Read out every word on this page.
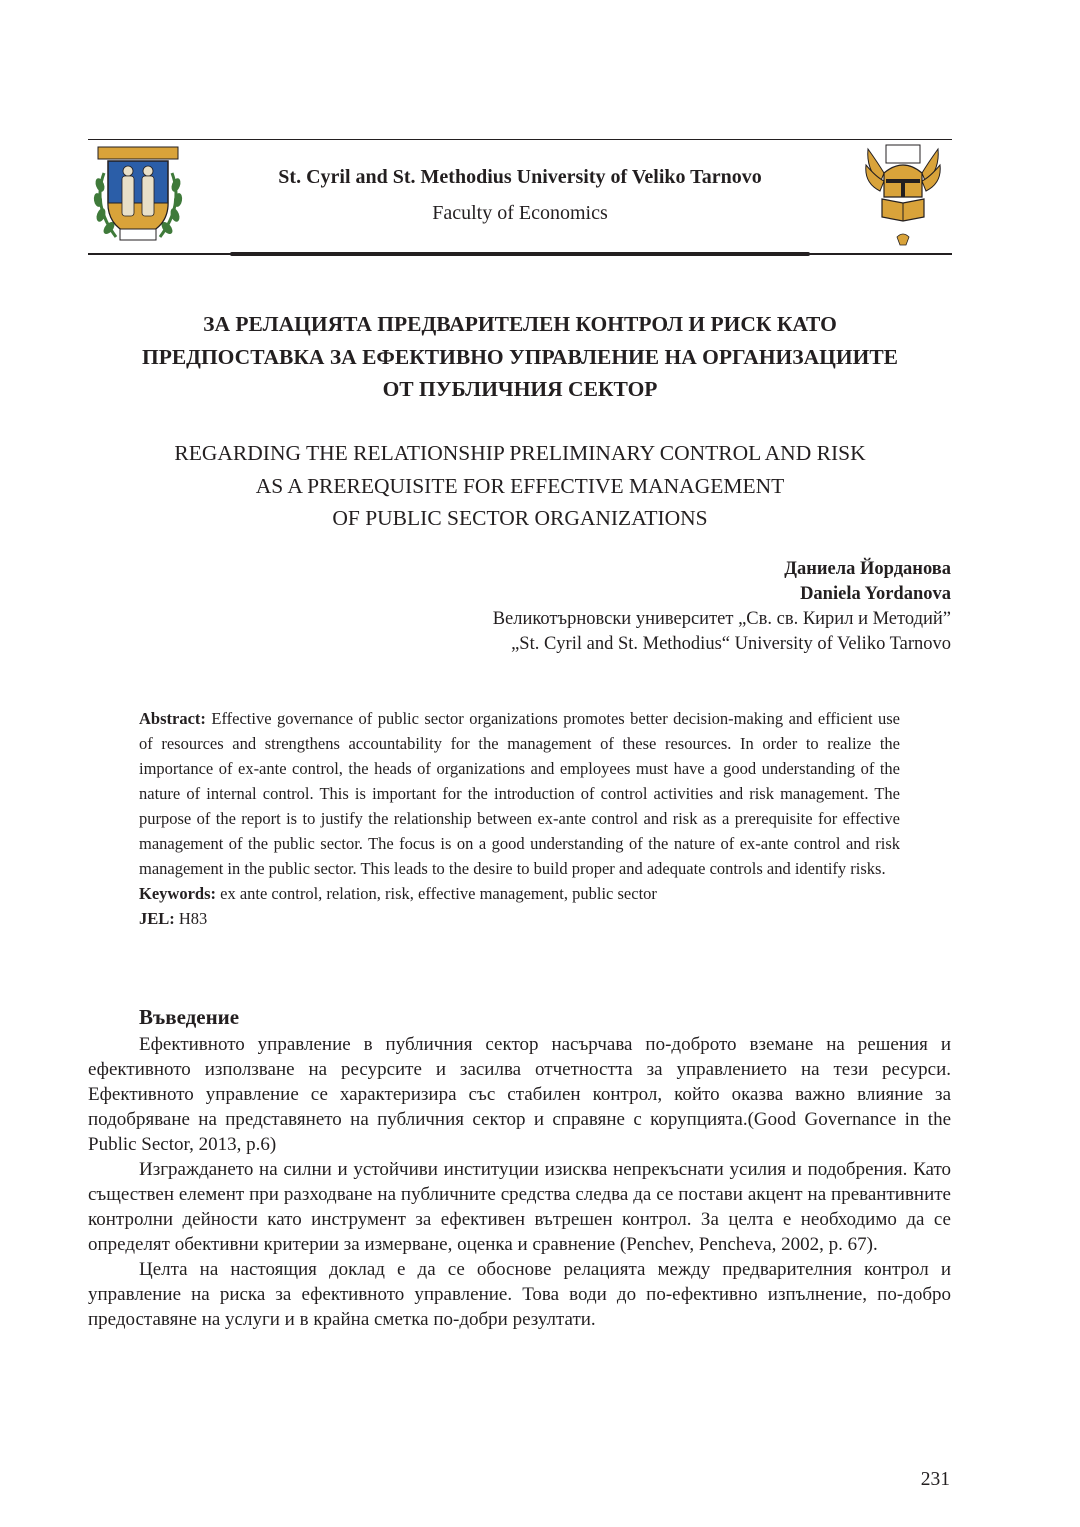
St. Cyril and St. Methodius University of Veliko Tarnovo
Faculty of Economics
ЗА РЕЛАЦИЯТА ПРЕДВАРИТЕЛЕН КОНТРОЛ И РИСК КАТО
ПРЕДПОСТАВКА ЗА ЕФЕКТИВНО УПРАВЛЕНИЕ НА ОРГАНИЗАЦИИТЕ
ОТ ПУБЛИЧНИЯ СЕКТОР
REGARDING THE RELATIONSHIP PRELIMINARY CONTROL AND RISK
AS A PREREQUISITE FOR EFFECTIVE MANAGEMENT
OF PUBLIC SECTOR ORGANIZATIONS
Даниела Йорданова
Daniela Yordanova
Великотърновски университет „Св. св. Кирил и Методий”
„St. Cyril and St. Methodius“ University of Veliko Tarnovo

Abstract: Effective governance of public sector organizations promotes better decision-making and efficient use of resources and strengthens accountability for the management of these resources. In order to realize the importance of ex-ante control, the heads of organizations and employees must have a good understanding of the nature of internal control. This is important for the introduction of control activities and risk management. The purpose of the report is to justify the relationship between ex-ante control and risk as a prerequisite for effective management of the public sector. The focus is on a good understanding of the nature of ex-ante control and risk management in the public sector. This leads to the desire to build proper and adequate controls and identify risks.

Keywords: ex ante control, relation, risk, effective management, public sector

JEL: H83

Въведение

Ефективното управление в публичния сектор насърчава по-доброто вземане на решения и ефективното използване на ресурсите и засилва отчетността за управлението на тези ресурси. Ефективното управление се характеризира със стабилен контрол, който оказва важно влияние за подобряване на представянето на публичния сектор и справяне с корупцията.(Good Governance in the Public Sector, 2013, p.6)

Изграждането на силни и устойчиви институции изисква непрекъснати усилия и подобрения. Като съществен елемент при разходване на публичните средства следва да се постави акцент на превантивните контролни дейности като инструмент за ефективен вътрешен контрол. За целта е необходимо да се определят обективни критерии за измерване, оценка и сравнение (Penchev, Pencheva, 2002, p. 67).

Целта на настоящия доклад е да се обоснове релацията между предварителния контрол и управление на риска за ефективното управление. Това води до по-ефективно изпълнение, по-добро предоставяне на услуги и в крайна сметка по-добри резултати.

231
